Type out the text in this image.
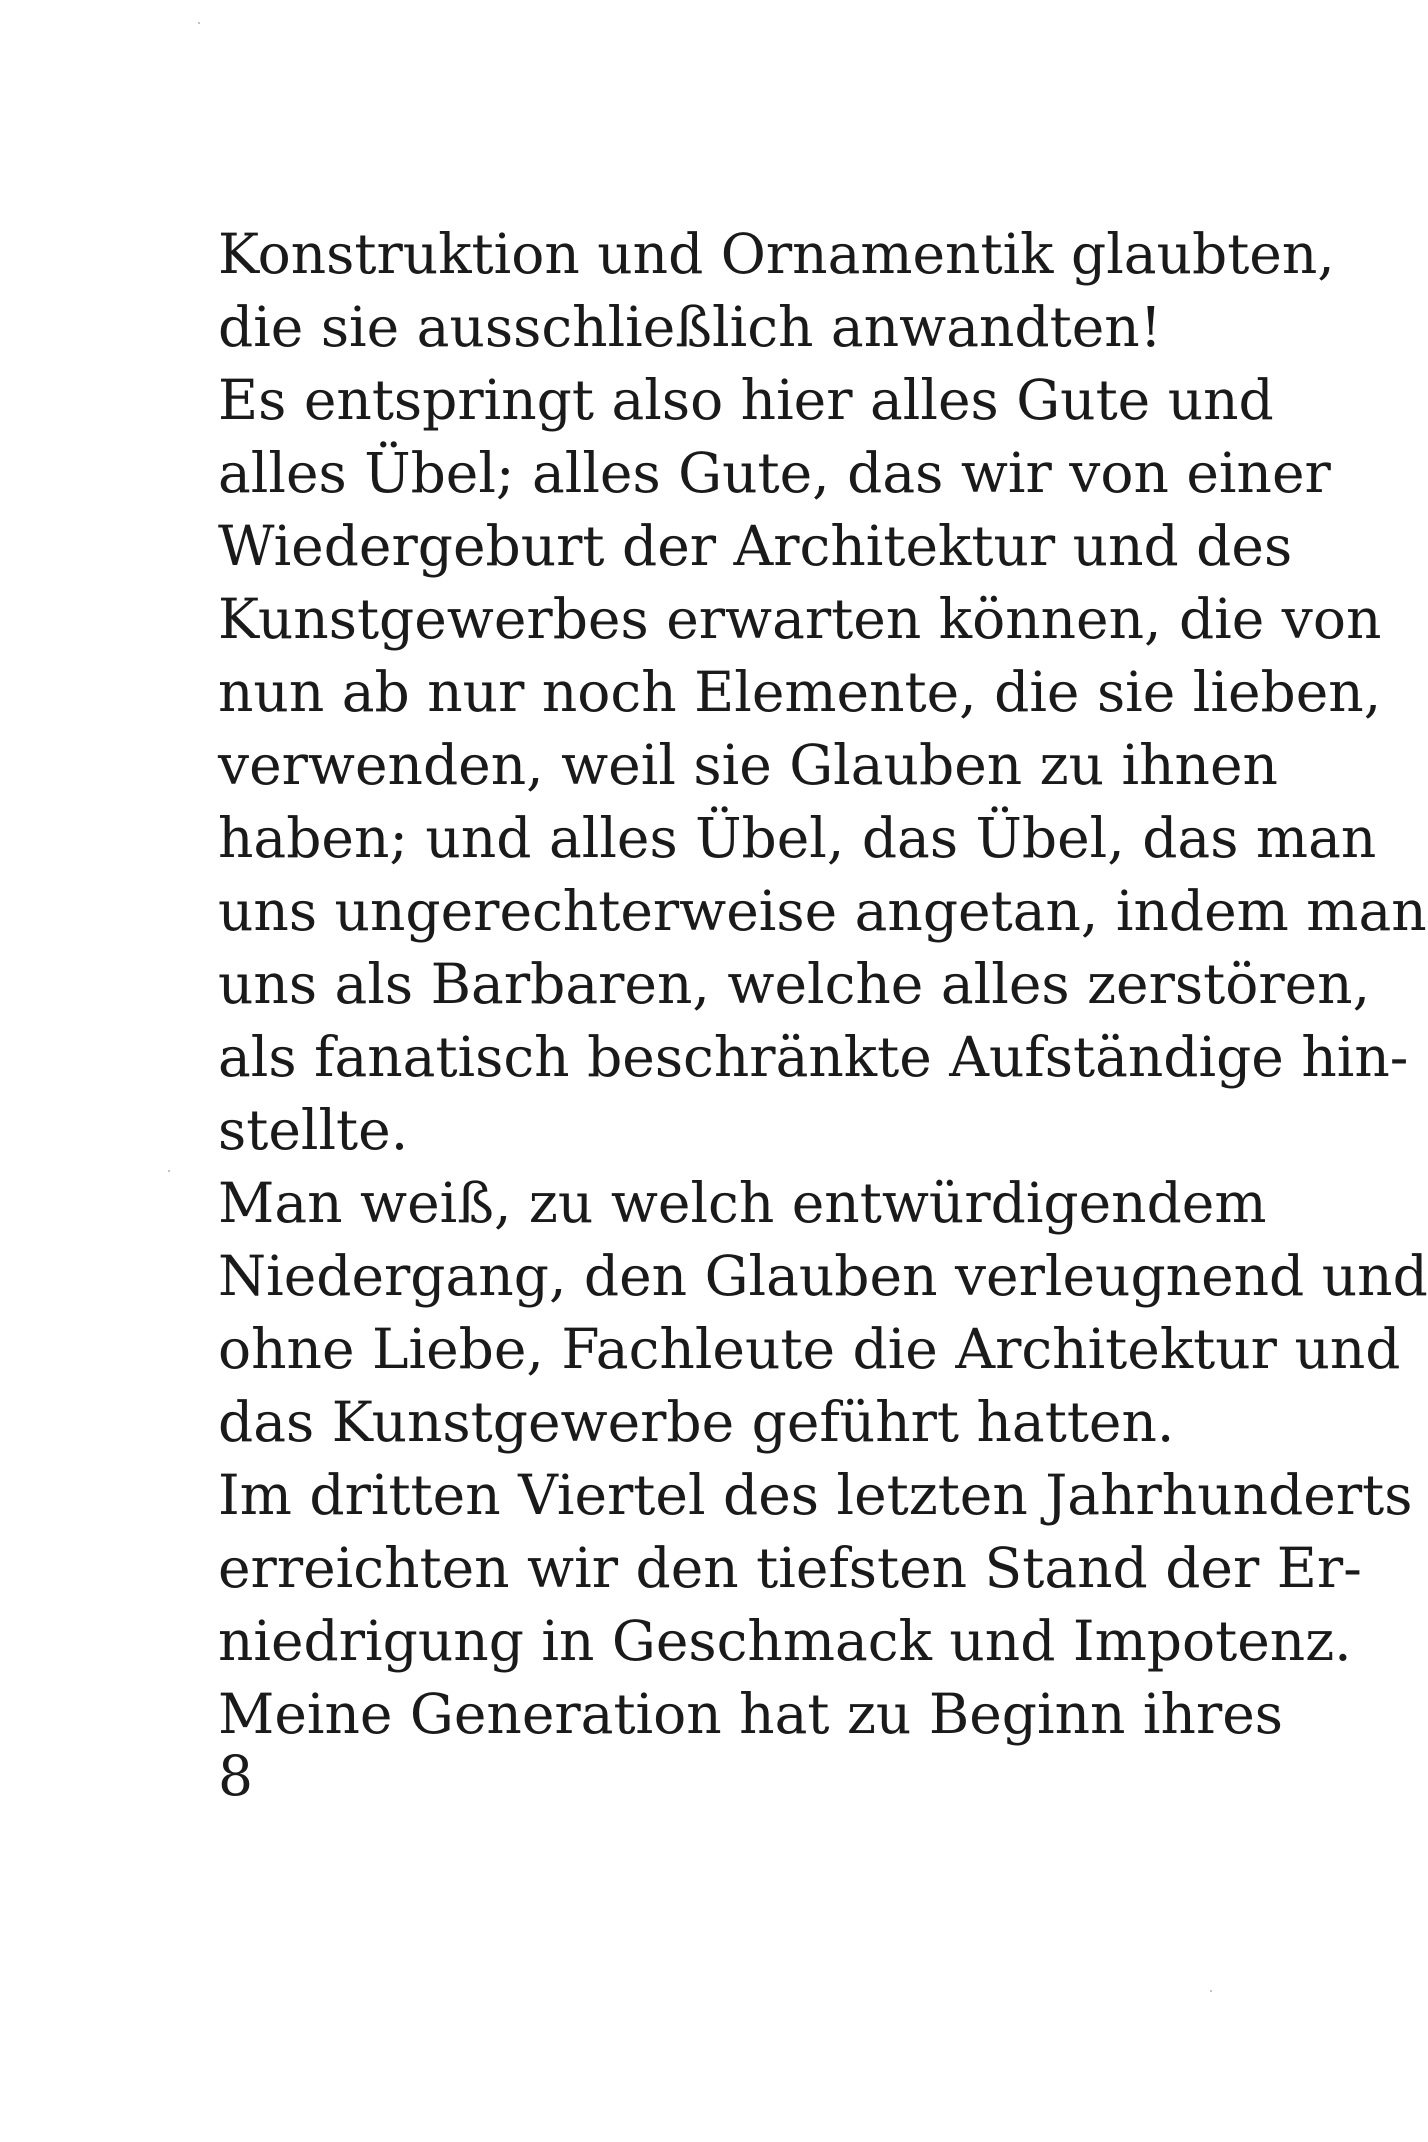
Konstruktion und Ornamentik glaubten,
die sie ausschließlich anwandten!
Es entspringt also hier alles Gute und
alles Übel; alles Gute, das wir von einer
Wiedergeburt der Architektur und des
Kunstgewerbes erwarten können, die von
nun ab nur noch Elemente, die sie lieben,
verwenden, weil sie Glauben zu ihnen
haben; und alles Übel, das Übel, das man
uns ungerechterweise angetan, indem man
uns als Barbaren, welche alles zerstören,
als fanatisch beschränkte Aufständige hin-
stellte.
Man weiß, zu welch entwürdigendem
Niedergang, den Glauben verleugnend und
ohne Liebe, Fachleute die Architektur und
das Kunstgewerbe geführt hatten.
Im dritten Viertel des letzten Jahrhunderts
erreichten wir den tiefsten Stand der Er-
niedrigung in Geschmack und Impotenz.
Meine Generation hat zu Beginn ihres
8
